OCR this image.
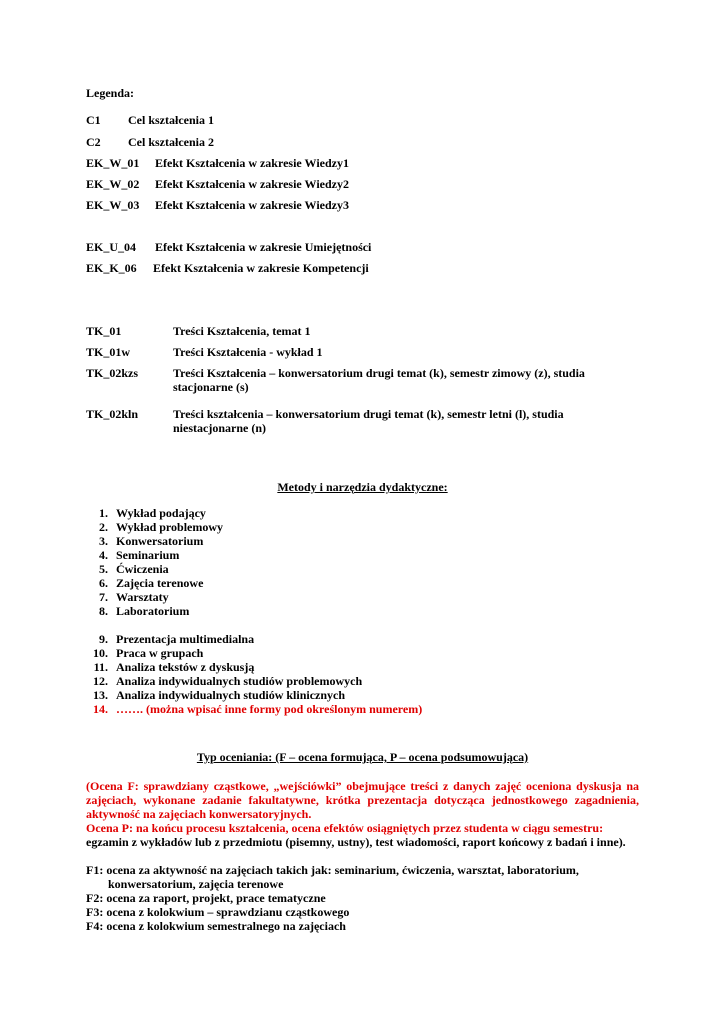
Legenda:
C1 Cel kształcenia 1
C2 Cel kształcenia 2
EK_W_01 Efekt Kształcenia w zakresie Wiedzy1
EK_W_02 Efekt Kształcenia w zakresie Wiedzy2
EK_W_03 Efekt Kształcenia w zakresie Wiedzy3
EK_U_04 Efekt Kształcenia w zakresie Umiejętności
EK_K_06 Efekt Kształcenia w zakresie Kompetencji
TK_01	Treści Kształcenia, temat 1
TK_01w	Treści Kształcenia - wykład 1
TK_02kzs	Treści Kształcenia – konwersatorium drugi temat (k), semestr zimowy (z), studia
stacjonarne (s)
TK_02kln	Treści kształcenia – konwersatorium drugi temat (k), semestr letni (l), studia
niestacjonarne (n)
Metody i narzędzia dydaktyczne:
1. Wykład podający
2. Wykład problemowy
3. Konwersatorium
4. Seminarium
5. Ćwiczenia
6. Zajęcia terenowe
7. Warsztaty
8. Laboratorium
9. Prezentacja multimedialna
10. Praca w grupach
11. Analiza tekstów z dyskusją
12. Analiza indywidualnych studiów problemowych
13. Analiza indywidualnych studiów klinicznych
14. ……. (można wpisać inne formy pod określonym numerem)
Typ oceniania: (F – ocena formująca, P – ocena podsumowująca)
(Ocena F: sprawdziany cząstkowe, „wejściówki” obejmujące treści z danych zajęć oceniona dyskusja na zajęciach, wykonane zadanie fakultatywne, krótka prezentacja dotycząca jednostkowego zagadnienia, aktywność na zajęciach konwersatoryjnych.
Ocena P: na końcu procesu kształcenia, ocena efektów osiągniętych przez studenta w ciągu semestru:
egzamin z wykładów lub z przedmiotu (pisemny, ustny), test wiadomości, raport końcowy z badań i inne).
F1: ocena za aktywność na zajęciach takich jak: seminarium, ćwiczenia, warsztat, laboratorium,
konwersatorium, zajęcia terenowe
F2: ocena za raport, projekt, prace tematyczne
F3: ocena z kolokwium – sprawdzianu cząstkowego
F4: ocena z kolokwium semestralnego na zajęciach
